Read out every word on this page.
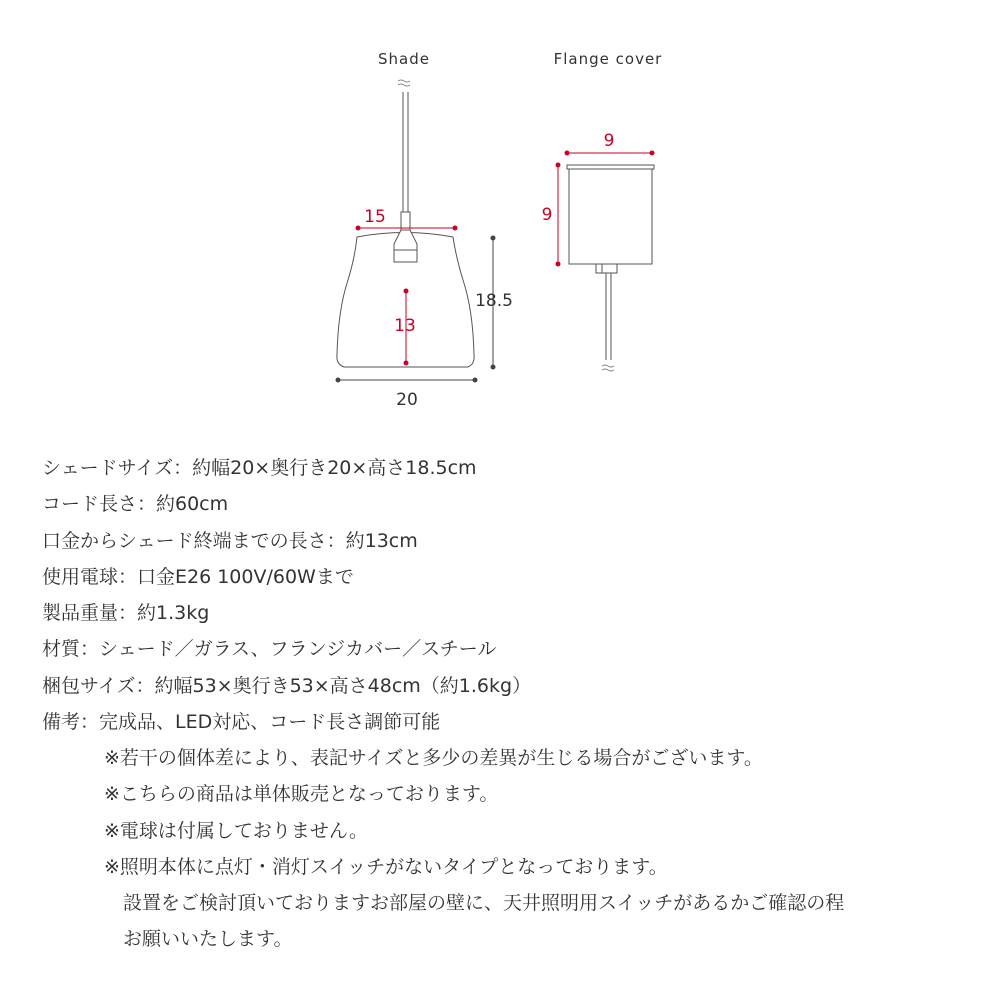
Shade
15
13
18.5
20
Flange cover
9
9
シェードサイズ：約幅20×奥行き20×高さ18.5cm
コード長さ：約60cm
口金からシェード終端までの長さ：約13cm
使用電球：口金E26 100V/60Wまで
製品重量：約1.3kg
材質：シェード／ガラス、フランジカバー／スチール
梱包サイズ：約幅53×奥行き53×高さ48cm（約1.6kg）
備考：完成品、LED対応、コード長さ調節可能
※若干の個体差により、表記サイズと多少の差異が生じる場合がございます。
※こちらの商品は単体販売となっております。
※電球は付属しておりません。
※照明本体に点灯・消灯スイッチがないタイプとなっております。
設置をご検討頂いておりますお部屋の壁に、天井照明用スイッチがあるかご確認の程
お願いいたします。
